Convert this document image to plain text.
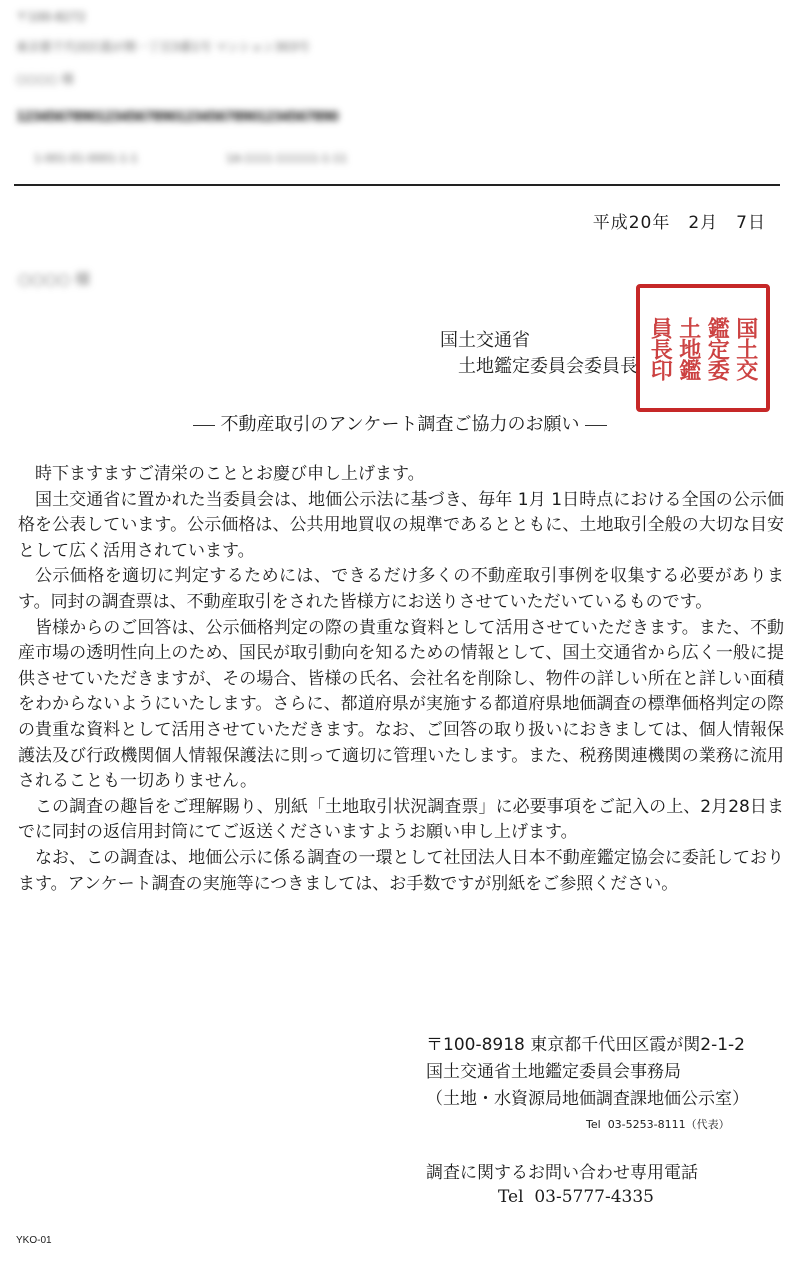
〒100-8272
東京都千代田区霞が関一丁目3番1号 マンション303号
○○○○ 様
1234567890123456789012345678901234567890
1-001-01-0001-1-1	1A-1111-111111-1-11
平成20年　2月　7日
○○○○ 様
国土交通省
土地鑑定委員会委員長	国土交
鑑定委
土地鑑
員長印
不動産取引のアンケート調査ご協力のお願い

時下ますますご清栄のこととお慶び申し上げます。

国土交通省に置かれた当委員会は、地価公示法に基づき、毎年 1月 1日時点における全国の公示価格を公表しています。公示価格は、公共用地買収の規準であるとともに、土地取引全般の大切な目安として広く活用されています。

公示価格を適切に判定するためには、できるだけ多くの不動産取引事例を収集する必要があります。同封の調査票は、不動産取引をされた皆様方にお送りさせていただいているものです。

皆様からのご回答は、公示価格判定の際の貴重な資料として活用させていただきます。また、不動産市場の透明性向上のため、国民が取引動向を知るための情報として、国土交通省から広く一般に提供させていただきますが、その場合、皆様の氏名、会社名を削除し、物件の詳しい所在と詳しい面積をわからないようにいたします。さらに、都道府県が実施する都道府県地価調査の標準価格判定の際の貴重な資料として活用させていただきます。なお、ご回答の取り扱いにおきましては、個人情報保護法及び行政機関個人情報保護法に則って適切に管理いたします。また、税務関連機関の業務に流用されることも一切ありません。

この調査の趣旨をご理解賜り、別紙「土地取引状況調査票」に必要事項をご記入の上、2月28日までに同封の返信用封筒にてご返送くださいますようお願い申し上げます。

なお、この調査は、地価公示に係る調査の一環として社団法人日本不動産鑑定協会に委託しております。アンケート調査の実施等につきましては、お手数ですが別紙をご参照ください。

〒100-8918 東京都千代田区霞が関2-1-2
国土交通省土地鑑定委員会事務局
（土地・水資源局地価調査課地価公示室）
Tel 03-5253-8111（代表）
調査に関するお問い合わせ専用電話
Tel 03-5777-4335
YKO-01
